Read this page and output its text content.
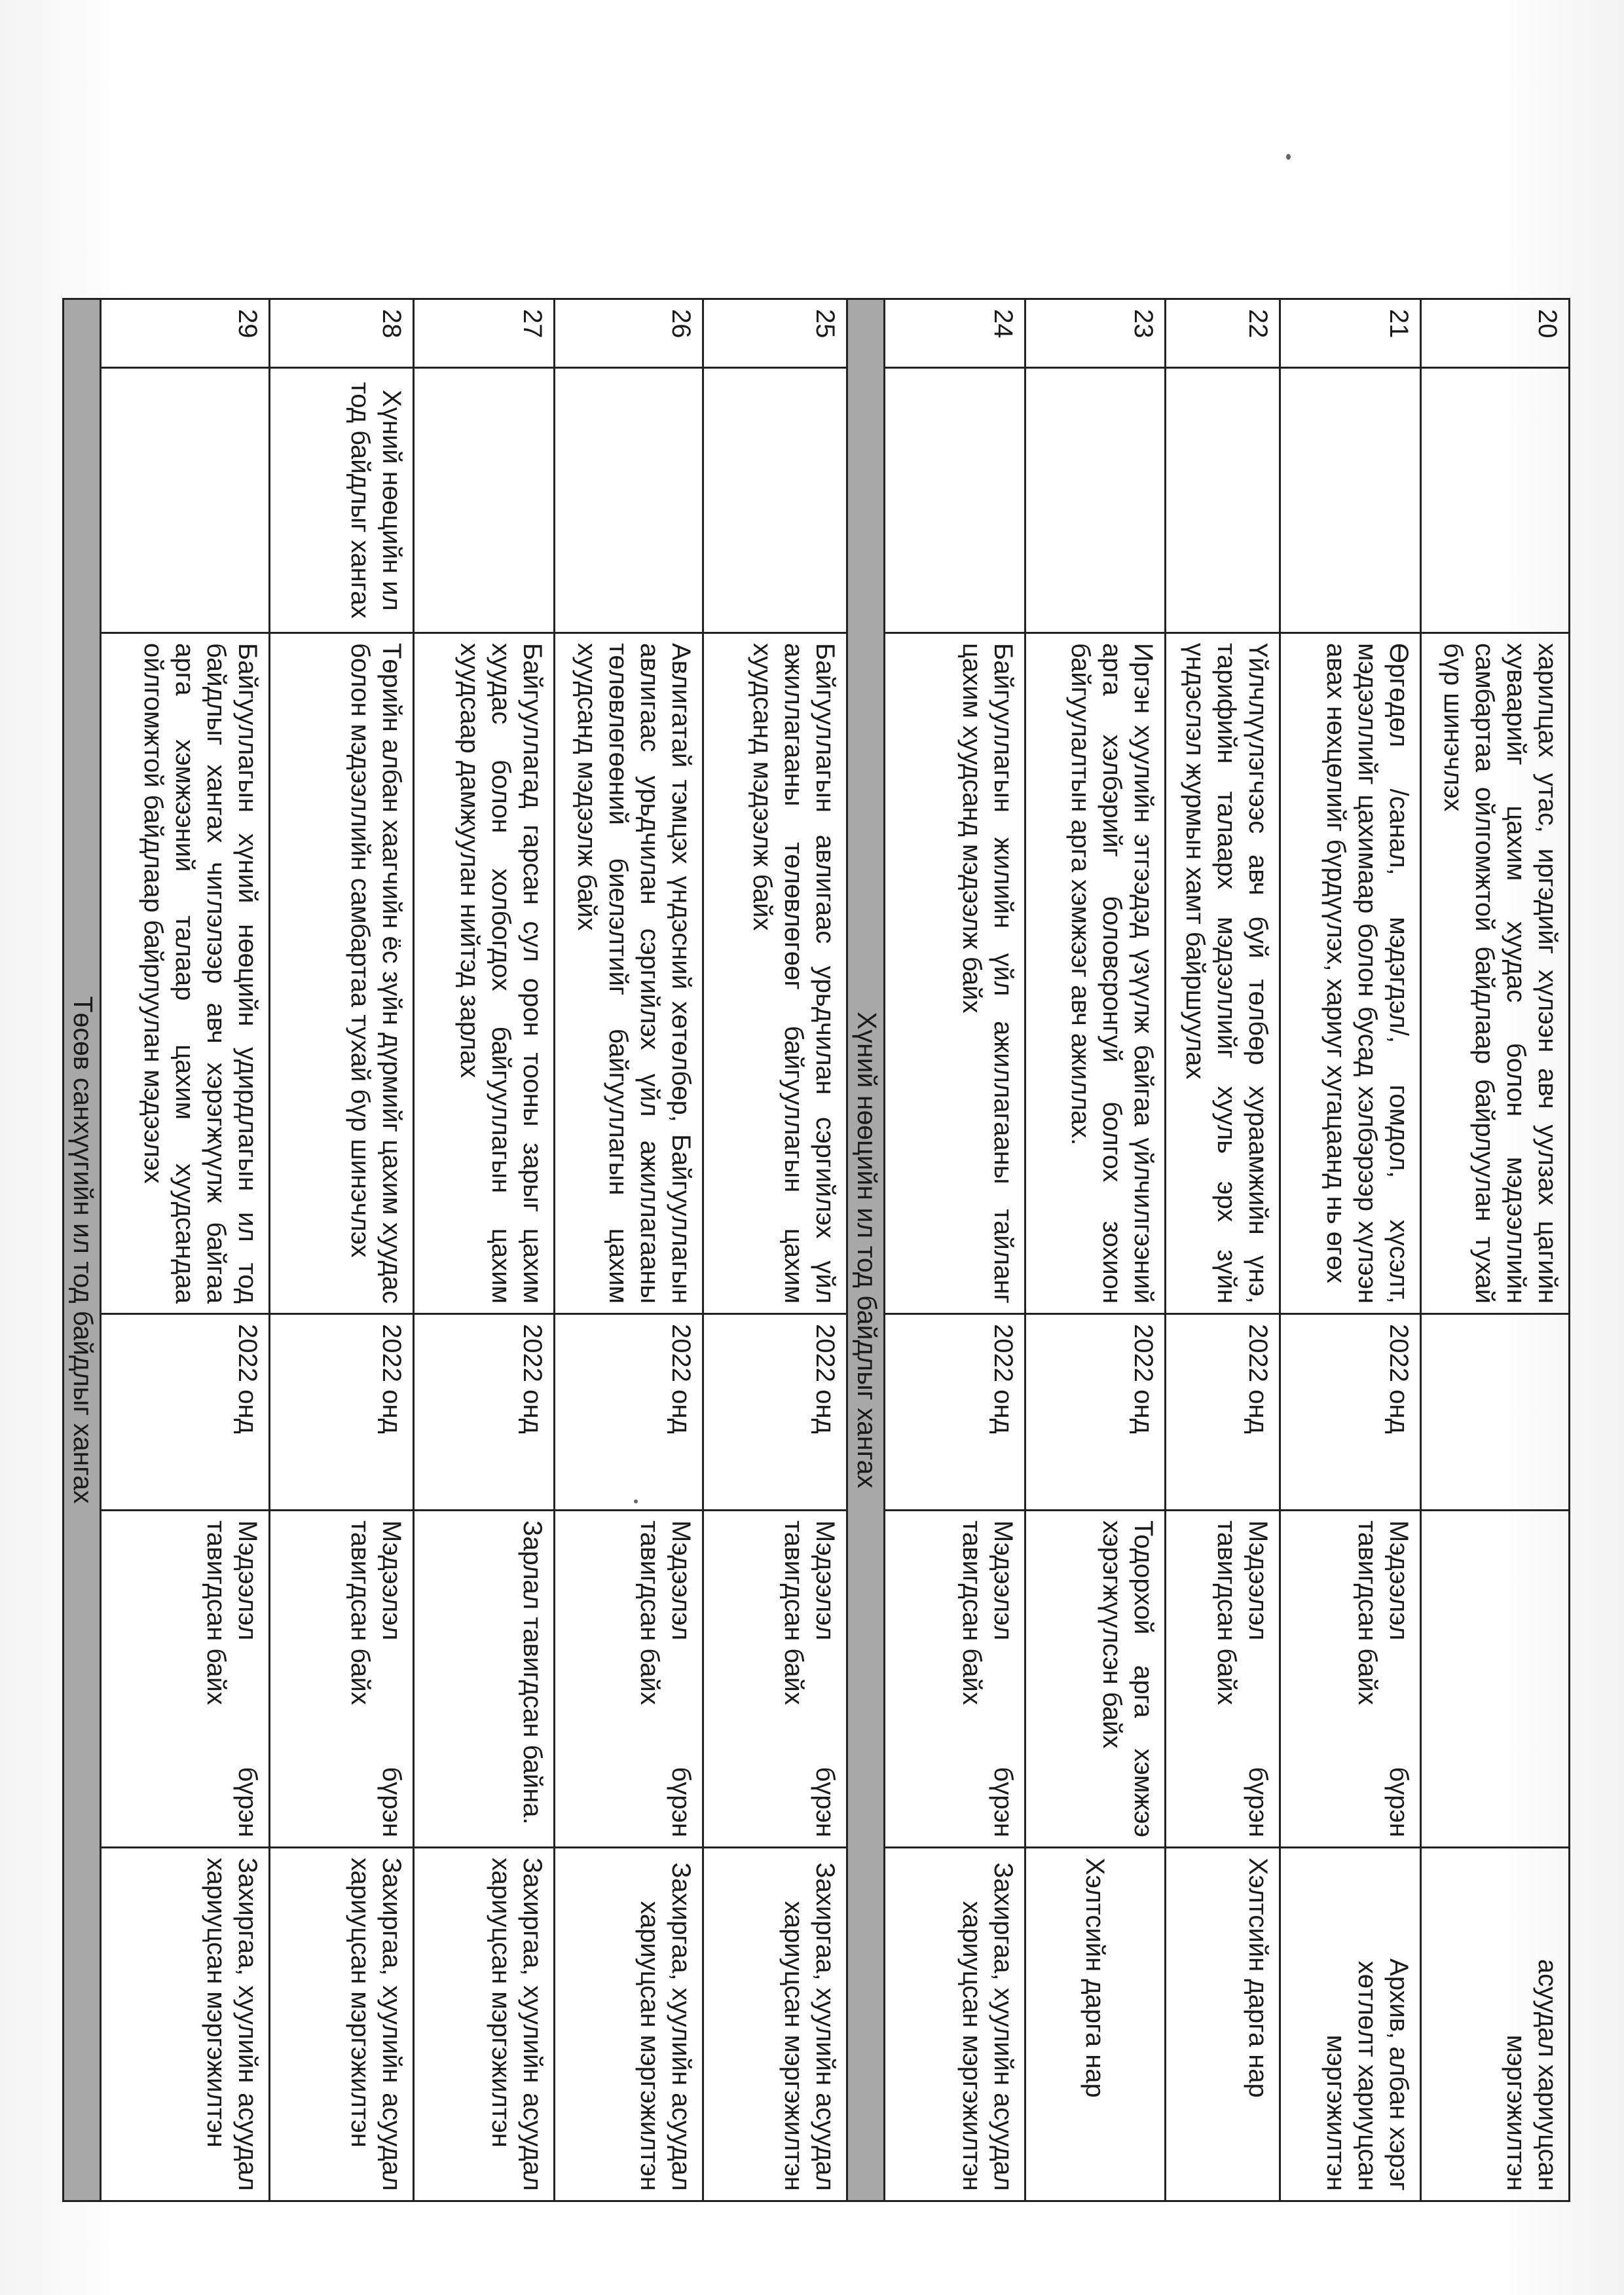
20		харилцах утас, иргэдийг хүлээн авч уулзах цагийн хуваарийг цахим хуудас болон мэдээллийн самбартаа ойлгомжтой байдлаар байрлуулан тухай бүр шинэчлэх			асуудал хариуцсан мэргэжилтэн
21		Өргөдөл /санал, мэдэгдэл/, гомдол, хүсэлт, мэдээллийг цахимаар болон бусад хэлбэрээр хүлээн авах нөхцөлийг бүрдүүлэх, хариуг хугацаанд нь өгөх	2022 онд	Мэдээлэл бүрэн тавигдсан байх	Архив, албан хэрэг хөтлөлт хариуцсан мэргэжилтэн
22		Үйлчлүүлэгчээс авч буй төлбөр хураамжийн үнэ, тарифийн талаарх мэдээллийг хууль эрх зүйн үндэслэл журмын хамт байршуулах	2022 онд	Мэдээлэл бүрэн тавигдсан байх	Хэлтсийн дарга нар
23		Иргэн хуулийн этгээдэд үзүүлж байгаа үйлчилгээний арга хэлбэрийг боловсронгуй болгох зохион байгуулалтын арга хэмжээг авч ажиллах.	2022 онд	Тодорхой арга хэмжээ хэрэгжүүлсэн байх	Хэлтсийн дарга нар
24		Байгууллагын жилийн үйл ажиллагааны тайланг цахим хуудсанд мэдээлж байх	2022 онд	Мэдээлэл бүрэн тавигдсан байх	Захиргаа, хуулийн асуудал хариуцсан мэргэжилтэн
Хүний нөөцийн ил тод байдлыг хангах					
25		Байгууллагын авлигаас урьдчилан сэргийлэх үйл ажиллагааны төлөвлөгөөг байгууллагын цахим хуудсанд мэдээлж байх	2022 онд	Мэдээлэл бүрэн тавигдсан байх	Захиргаа, хуулийн асуудал хариуцсан мэргэжилтэн
26		Авлигатай тэмцэх үндэсний хөтөлбөр, Байгууллагын авлигаас урьдчилан сэргийлэх үйл ажиллагааны төлөвлөгөөний биелэлтийг байгууллагын цахим хуудсанд мэдээлж байх	2022 онд	Мэдээлэл бүрэн тавигдсан байх	Захиргаа, хуулийн асуудал хариуцсан мэргэжилтэн
27		Байгууллагад гарсан сул орон тооны зарыг цахим хуудас болон холбогдох байгууллагын цахим хуудсаар дамжуулан нийтэд зарлах	2022 онд	Зарлал тавигдсан байна.	Захиргаа, хуулийн асуудал хариуцсан мэргэжилтэн
28	Хүний нөөцийн ил тод байдлыг хангах	Төрийн албан хаагчийн ёс зүйн дүрмийг цахим хуудас болон мэдээллийн самбартаа тухай бүр шинэчлэх	2022 онд	Мэдээлэл бүрэн тавигдсан байх	Захиргаа, хуулийн асуудал хариуцсан мэргэжилтэн
29		Байгууллагын хүний нөөцийн удирдлагын ил тод байдлыг хангах чиглэлээр авч хэрэгжүүлж байгаа арга хэмжээний талаар цахим хуудсандаа ойлгомжтой байдлаар байрлуулан мэдээлэх	2022 онд	Мэдээлэл бүрэн тавигдсан байх	Захиргаа, хуулийн асуудал хариуцсан мэргэжилтэн
Төсөв санхүүгийн ил тод байдлыг хангах					
